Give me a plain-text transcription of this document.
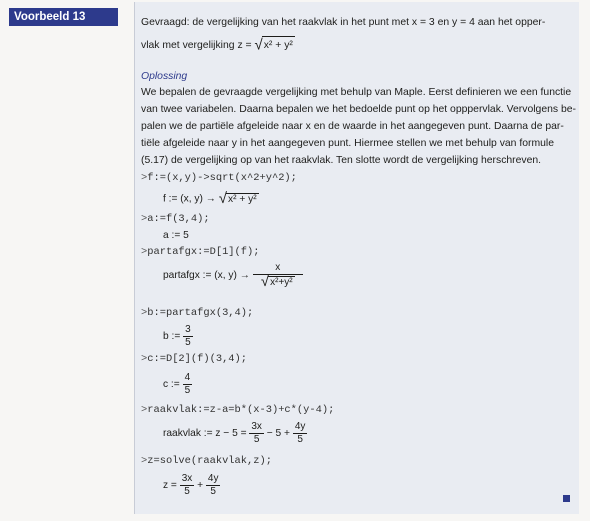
Voorbeeld 13	Gevraagd: de vergelijking van het raakvlak in het punt met x = 3 en y = 4 aan het opper-
vlak met vergelijking z = √x² + y²
Oplossing
We bepalen de gevraagde vergelijking met behulp van Maple. Eerst definieren we een functie
van twee variabelen. Daarna bepalen we het bedoelde punt op het opppervlak. Vervolgens be-
palen we de partiële afgeleide naar x en de waarde in het aangegeven punt. Daarna de par-
tiële afgeleide naar y in het aangegeven punt. Hiermee stellen we met behulp van formule
(5.17) de vergelijking op van het raakvlak. Ten slotte wordt de vergelijking herschreven.
>f:=(x,y)->sqrt(x^2+y^2);
f := (x, y) → √x² + y²
>a:=f(3,4);
a := 5
>partafgx:=D[1](f);
partafgx := (x, $y) \to \frac{x}{\text{√x²+y²}}$
>b:=partafgx(3,4);
b := $\frac{3}{5}$
>c:=D[2](f)(3,4);
c := $\frac{4}{5}$
>raakvlak:=z-a=b*(x-3)+c*(y-4);
raakvlak := $z - 5 = \frac{3x}{5} - 5 + \frac{4y}{5}$
>z=solve(raakvlak,z);
$z = \frac{3x}{5} + \frac{4y}{5}$
